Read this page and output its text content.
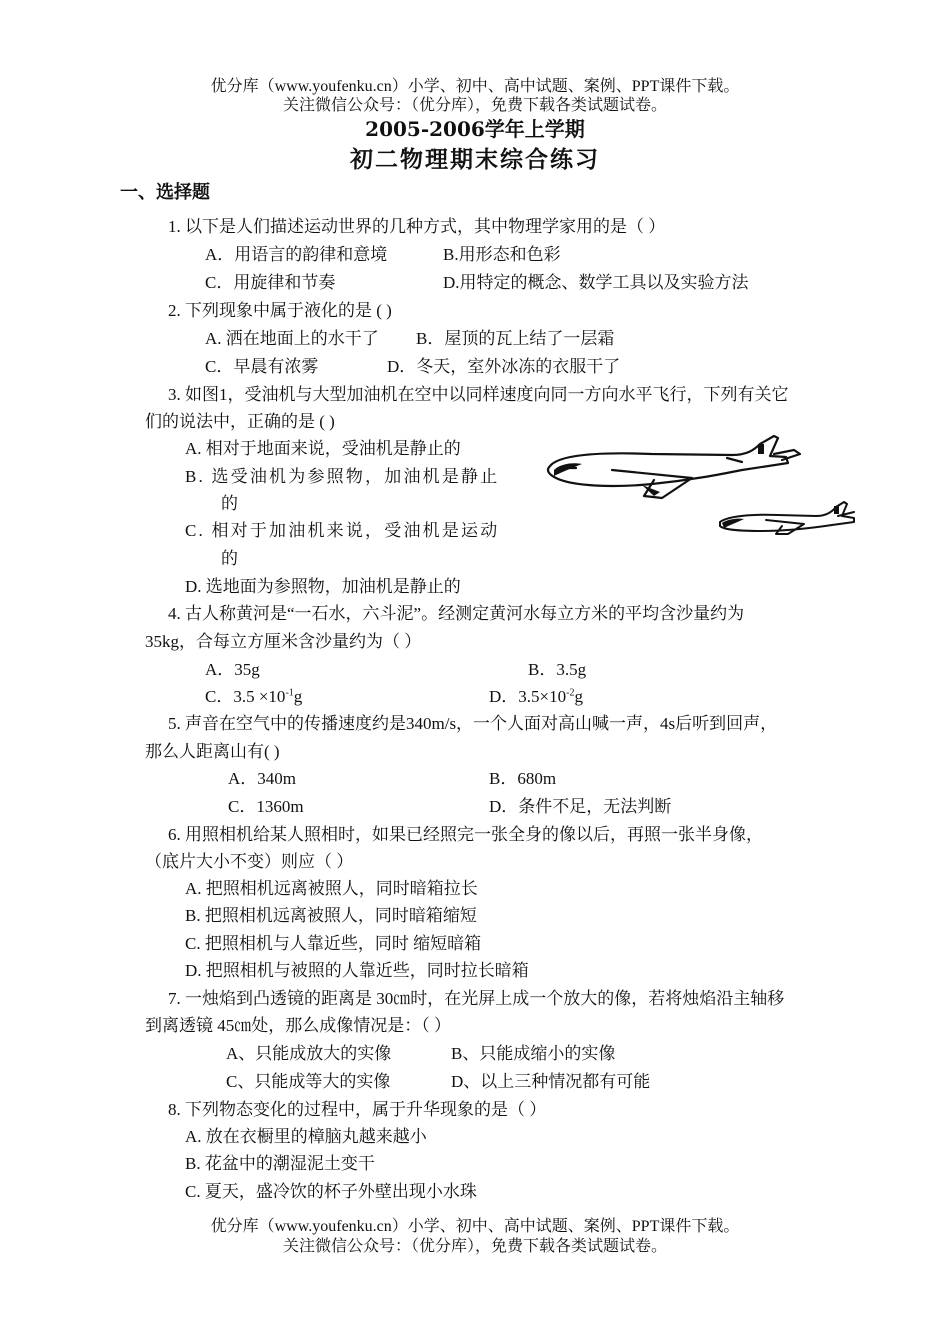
优分库（www.youfenku.cn）小学、初中、高中试题、案例、PPT课件下载。
关注微信公众号：（优分库），免费下载各类试题试卷。
2005-2006学年上学期
初二物理期末综合练习
一、选择题
1. 以下是人们描述运动世界的几种方式，其中物理学家用的是（ ）
A．用语言的韵律和意境	B.用形态和色彩
C．用旋律和节奏	D.用特定的概念、数学工具以及实验方法
2. 下列现象中属于液化的是 ( )
A. 洒在地面上的水干了 B．屋顶的瓦上结了一层霜
C．早晨有浓雾	D．冬天，室外冰冻的衣服干了
3. 如图1，受油机与大型加油机在空中以同样速度向同一方向水平飞行，下列有关它
们的说法中，正确的是 ( )
A. 相对于地面来说，受油机是静止的
B. 选受油机为参照物，加油机是静止
的
C. 相对于加油机来说，受油机是运动
的
D. 选地面为参照物，加油机是静止的
4. 古人称黄河是“一石水，六斗泥”。经测定黄河水每立方米的平均含沙量约为
35kg，合每立方厘米含沙量约为（ ）
A．35g	B．3.5g
C．$3.5 \times 10^{-1}g$	D．$3.5\times 10^{-2}g$
5. 声音在空气中的传播速度约是340m/s，一个人面对高山喊一声，4s后听到回声，
那么人距离山有( )
A．340m	B．680m
C．1360m	D．条件不足，无法判断
6. 用照相机给某人照相时，如果已经照完一张全身的像以后，再照一张半身像，
（底片大小不变）则应（ ）
A. 把照相机远离被照人，同时暗箱拉长
B. 把照相机远离被照人，同时暗箱缩短
C. 把照相机与人靠近些，同时 缩短暗箱
D. 把照相机与被照的人靠近些，同时拉长暗箱
7. 一烛焰到凸透镜的距离是 30㎝时，在光屏上成一个放大的像，若将烛焰沿主轴移
到离透镜 45㎝处，那么成像情况是：（ ）
A、只能成放大的实像	B、只能成缩小的实像
C、只能成等大的实像	D、以上三种情况都有可能
8. 下列物态变化的过程中，属于升华现象的是（ ）
A. 放在衣橱里的樟脑丸越来越小
B. 花盆中的潮湿泥土变干
C. 夏天，盛冷饮的杯子外壁出现小水珠
优分库（www.youfenku.cn）小学、初中、高中试题、案例、PPT课件下载。
关注微信公众号：（优分库），免费下载各类试题试卷。
